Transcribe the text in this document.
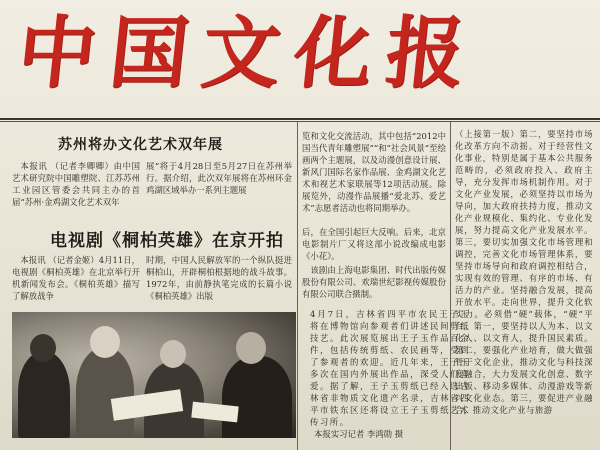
中国文化报
苏州将办文化艺术双年展

本报讯 （记者李卿卿）由中国艺术研究院中国雕塑院、江苏苏州工业园区管委会共同主办的首届“苏州·金鸡湖文化艺术双年

展”将于4月28日至5月27日在苏州举行。据介绍，此次双年展将在苏州环金鸡湖区域举办一系列主题展

电视剧《桐柏英雄》在京开拍

本报讯 （记者金姬）4月11日，电视剧《桐柏英雄》在北京举行开机新闻发布会。《桐柏英雄》描写了解放战争

时期，中国人民解放军的一个纵队挺进桐柏山，开辟桐柏根据地的战斗故事。1972年，由前静执笔完成的长篇小说《桐柏英雄》出版

览和文化交流活动，其中包括“2012中国当代青年雕塑展”“和”社会风景“至绘画两个主题展，以及动漫创意设计展、新风门国际名家作品展、金鸡湖文化艺术和视艺术家联展等12项活动展。除展览外，动漫作品展播“爱北苏、爱艺术”志愿者活动也将同期举办。

后，在全国引起巨大反响。后来，北京电影制片厂又将这部小说改编成电影《小花》。

该剧由上海电影集团、时代出版传媒股份有限公司、欢瑞世纪影视传媒股份有限公司联合摄制。

（上接第一版）第二，要坚持市场化改革方向不动摇。对于经营性文化事业，特别是属于基本公共服务范畴的，必须政府投入、政府主导，充分发挥市场机制作用。对于文化产业发展，必须坚持以市场为导向，加大政府扶持力度，推动文化产业规模化、集约化、专业化发展，努力提高文化产业发展水平。第三，要切实加强文化市场管理和调控，完善文化市场管理体系，要坚持市场导向和政府调控相结合，实现有效的管理、有序的市场、有活力的产业。坚持融合发展，提高开放水平。走向世界，提升文化软实力。必须借“硬”载体，“硬”平台。第一，要坚持以人为本、以文化人、以文育人，提升国民素质。第二，要强化产业培育，做大做强骨干文化企业，推动文化与科技深度融合，大力发展文化创意、数字出版、移动多媒体、动漫游戏等新兴文化业态。第三，要促进产业融合，推动文化产业与旅游

4月7日，吉林省四平市农民王子玉将在博物馆向参观者们讲述民间剪纸技艺。此次展览展出王子玉作品百余件，包括传统剪纸、农民画等，受到了参观者的欢迎。近几年来，王子玉多次在国内外展出作品，深受人们喜爱。据了解，王子玉剪纸已经入选吉林省非物质文化遗产名录，吉林省四平市铁东区还将设立王子玉剪纸艺术传习所。
本报实习记者 李鸿勋 摄
